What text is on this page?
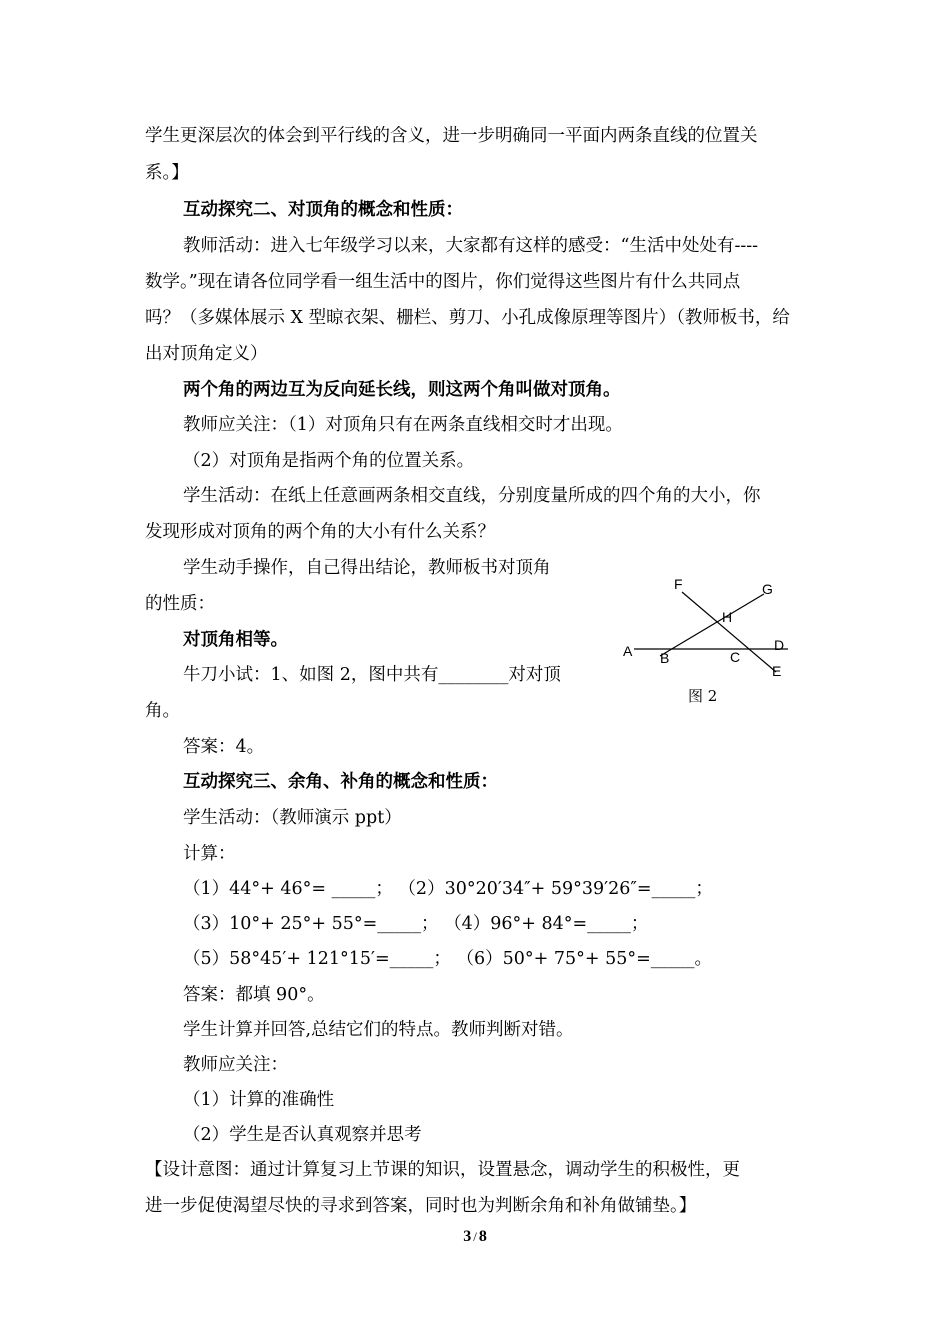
学生更深层次的体会到平行线的含义，进一步明确同一平面内两条直线的位置关
系。】
互动探究二、对顶角的概念和性质：
教师活动：进入七年级学习以来，大家都有这样的感受：“生活中处处有----
数学。”现在请各位同学看一组生活中的图片，你们觉得这些图片有什么共同点
吗？（多媒体展示 X 型晾衣架、栅栏、剪刀、小孔成像原理等图片）（教师板书，给
出对顶角定义）
两个角的两边互为反向延长线，则这两个角叫做对顶角。
教师应关注：（1）对顶角只有在两条直线相交时才出现。
（2）对顶角是指两个角的位置关系。
学生活动：在纸上任意画两条相交直线，分别度量所成的四个角的大小，你
发现形成对顶角的两个角的大小有什么关系？
学生动手操作，自己得出结论，教师板书对顶角
的性质：
对顶角相等。
牛刀小试：1、如图 2，图中共有________对对顶
角。
答案：4。
互动探究三、余角、补角的概念和性质：
学生活动：（教师演示 ppt）
计算：
（1）44°+ 46°= _____； （2）30°20′34″+ 59°39′26″=_____；
（3）10°+ 25°+ 55°=_____； （4）96°+ 84°=_____；
（5）58°45′+ 121°15′=_____； （6）50°+ 75°+ 55°=_____。
答案：都填 90°。
学生计算并回答,总结它们的特点。教师判断对错。
教师应关注：
（1）计算的准确性
（2）学生是否认真观察并思考
【设计意图：通过计算复习上节课的知识，设置悬念，调动学生的积极性，更
进一步促使渴望尽快的寻求到答案，同时也为判断余角和补角做铺垫。】
F	G
H
A B	C
D
E
图 2
3 / 8
